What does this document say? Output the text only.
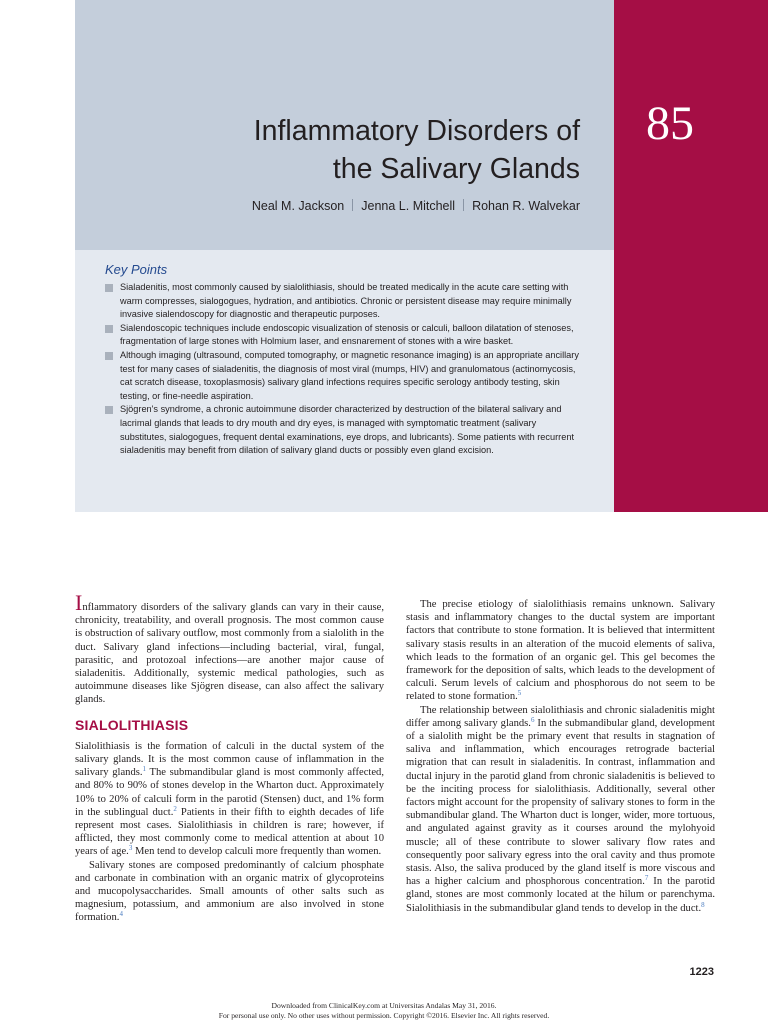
Inflammatory Disorders of
the Salivary Glands
Neal M. Jackson Jenna L. Mitchell Rohan R. Walvekar
85
Key Points
Sialadenitis, most commonly caused by sialolithiasis, should be treated medically in the acute care setting with warm compresses, sialogogues, hydration, and antibiotics. Chronic or persistent disease may require minimally invasive sialendoscopy for diagnostic and therapeutic purposes.
Sialendoscopic techniques include endoscopic visualization of stenosis or calculi, balloon dilatation of stenoses, fragmentation of large stones with Holmium laser, and ensnarement of stones with a wire basket.
Although imaging (ultrasound, computed tomography, or magnetic resonance imaging) is an appropriate ancillary test for many cases of sialadenitis, the diagnosis of most viral (mumps, HIV) and granulomatous (actinomycosis, cat scratch disease, toxoplasmosis) salivary gland infections requires specific serology antibody testing, skin testing, or fine-needle aspiration.
Sjögren's syndrome, a chronic autoimmune disorder characterized by destruction of the bilateral salivary and lacrimal glands that leads to dry mouth and dry eyes, is managed with symptomatic treatment (salivary substitutes, sialogogues, frequent dental examinations, eye drops, and lubricants). Some patients with recurrent sialadenitis may benefit from dilation of salivary gland ducts or possibly even gland excision.

Inflammatory disorders of the salivary glands can vary in their cause, chronicity, treatability, and overall prognosis. The most common cause is obstruction of salivary outflow, most commonly from a sialolith in the duct. Salivary gland infections—including bacterial, viral, fungal, parasitic, and protozoal infections—are another major cause of sialadenitis. Additionally, systemic medical pathologies, such as autoimmune diseases like Sjögren disease, can also affect the salivary glands.

SIALOLITHIASIS

Sialolithiasis is the formation of calculi in the ductal system of the salivary glands. It is the most common cause of inflammation in the salivary glands.$^1$ The submandibular gland is most commonly affected, and 80% to 90% of stones develop in the Wharton duct. Approximately 10% to 20% of calculi form in the parotid (Stensen) duct, and 1% form in the sublingual duct.$^2$ Patients in their fifth to eighth decades of life represent most cases. Sialolithiasis in children is rare; however, if afflicted, they most commonly come to medical attention at about 10 years of age.$^3$ Men tend to develop calculi more frequently than women.

Salivary stones are composed predominantly of calcium phosphate and carbonate in combination with an organic matrix of glycoproteins and mucopolysaccharides. Small amounts of other salts such as magnesium, potassium, and ammonium are also involved in stone formation.$^4$

The precise etiology of sialolithiasis remains unknown. Salivary stasis and inflammatory changes to the ductal system are important factors that contribute to stone formation. It is believed that intermittent salivary stasis results in an alteration of the mucoid elements of saliva, which leads to the formation of an organic gel. This gel becomes the framework for the deposition of salts, which leads to the development of calculi. Serum levels of calcium and phosphorous do not seem to be related to stone formation.$^5$

The relationship between sialolithiasis and chronic sialadenitis might differ among salivary glands.$^6$ In the submandibular gland, development of a sialolith might be the primary event that results in stagnation of saliva and inflammation, which encourages retrograde bacterial migration that can result in sialadenitis. In contrast, inflammation and ductal injury in the parotid gland from chronic sialadenitis is believed to be the inciting process for sialolithiasis. Additionally, several other factors might account for the propensity of salivary stones to form in the submandibular gland. The Wharton duct is longer, wider, more tortuous, and angulated against gravity as it courses around the mylohyoid muscle; all of these contribute to slower salivary flow rates and consequently poor salivary egress into the oral cavity and thus promote stasis. Also, the saliva produced by the gland itself is more viscous and has a higher calcium and phosphorous concentration.$^7$ In the parotid gland, stones are most commonly located at the hilum or parenchyma. Sialolithiasis in the submandibular gland tends to develop in the duct.$^8$

1223
Downloaded from ClinicalKey.com at Universitas Andalas May 31, 2016.
For personal use only. No other uses without permission. Copyright ©2016. Elsevier Inc. All rights reserved.
